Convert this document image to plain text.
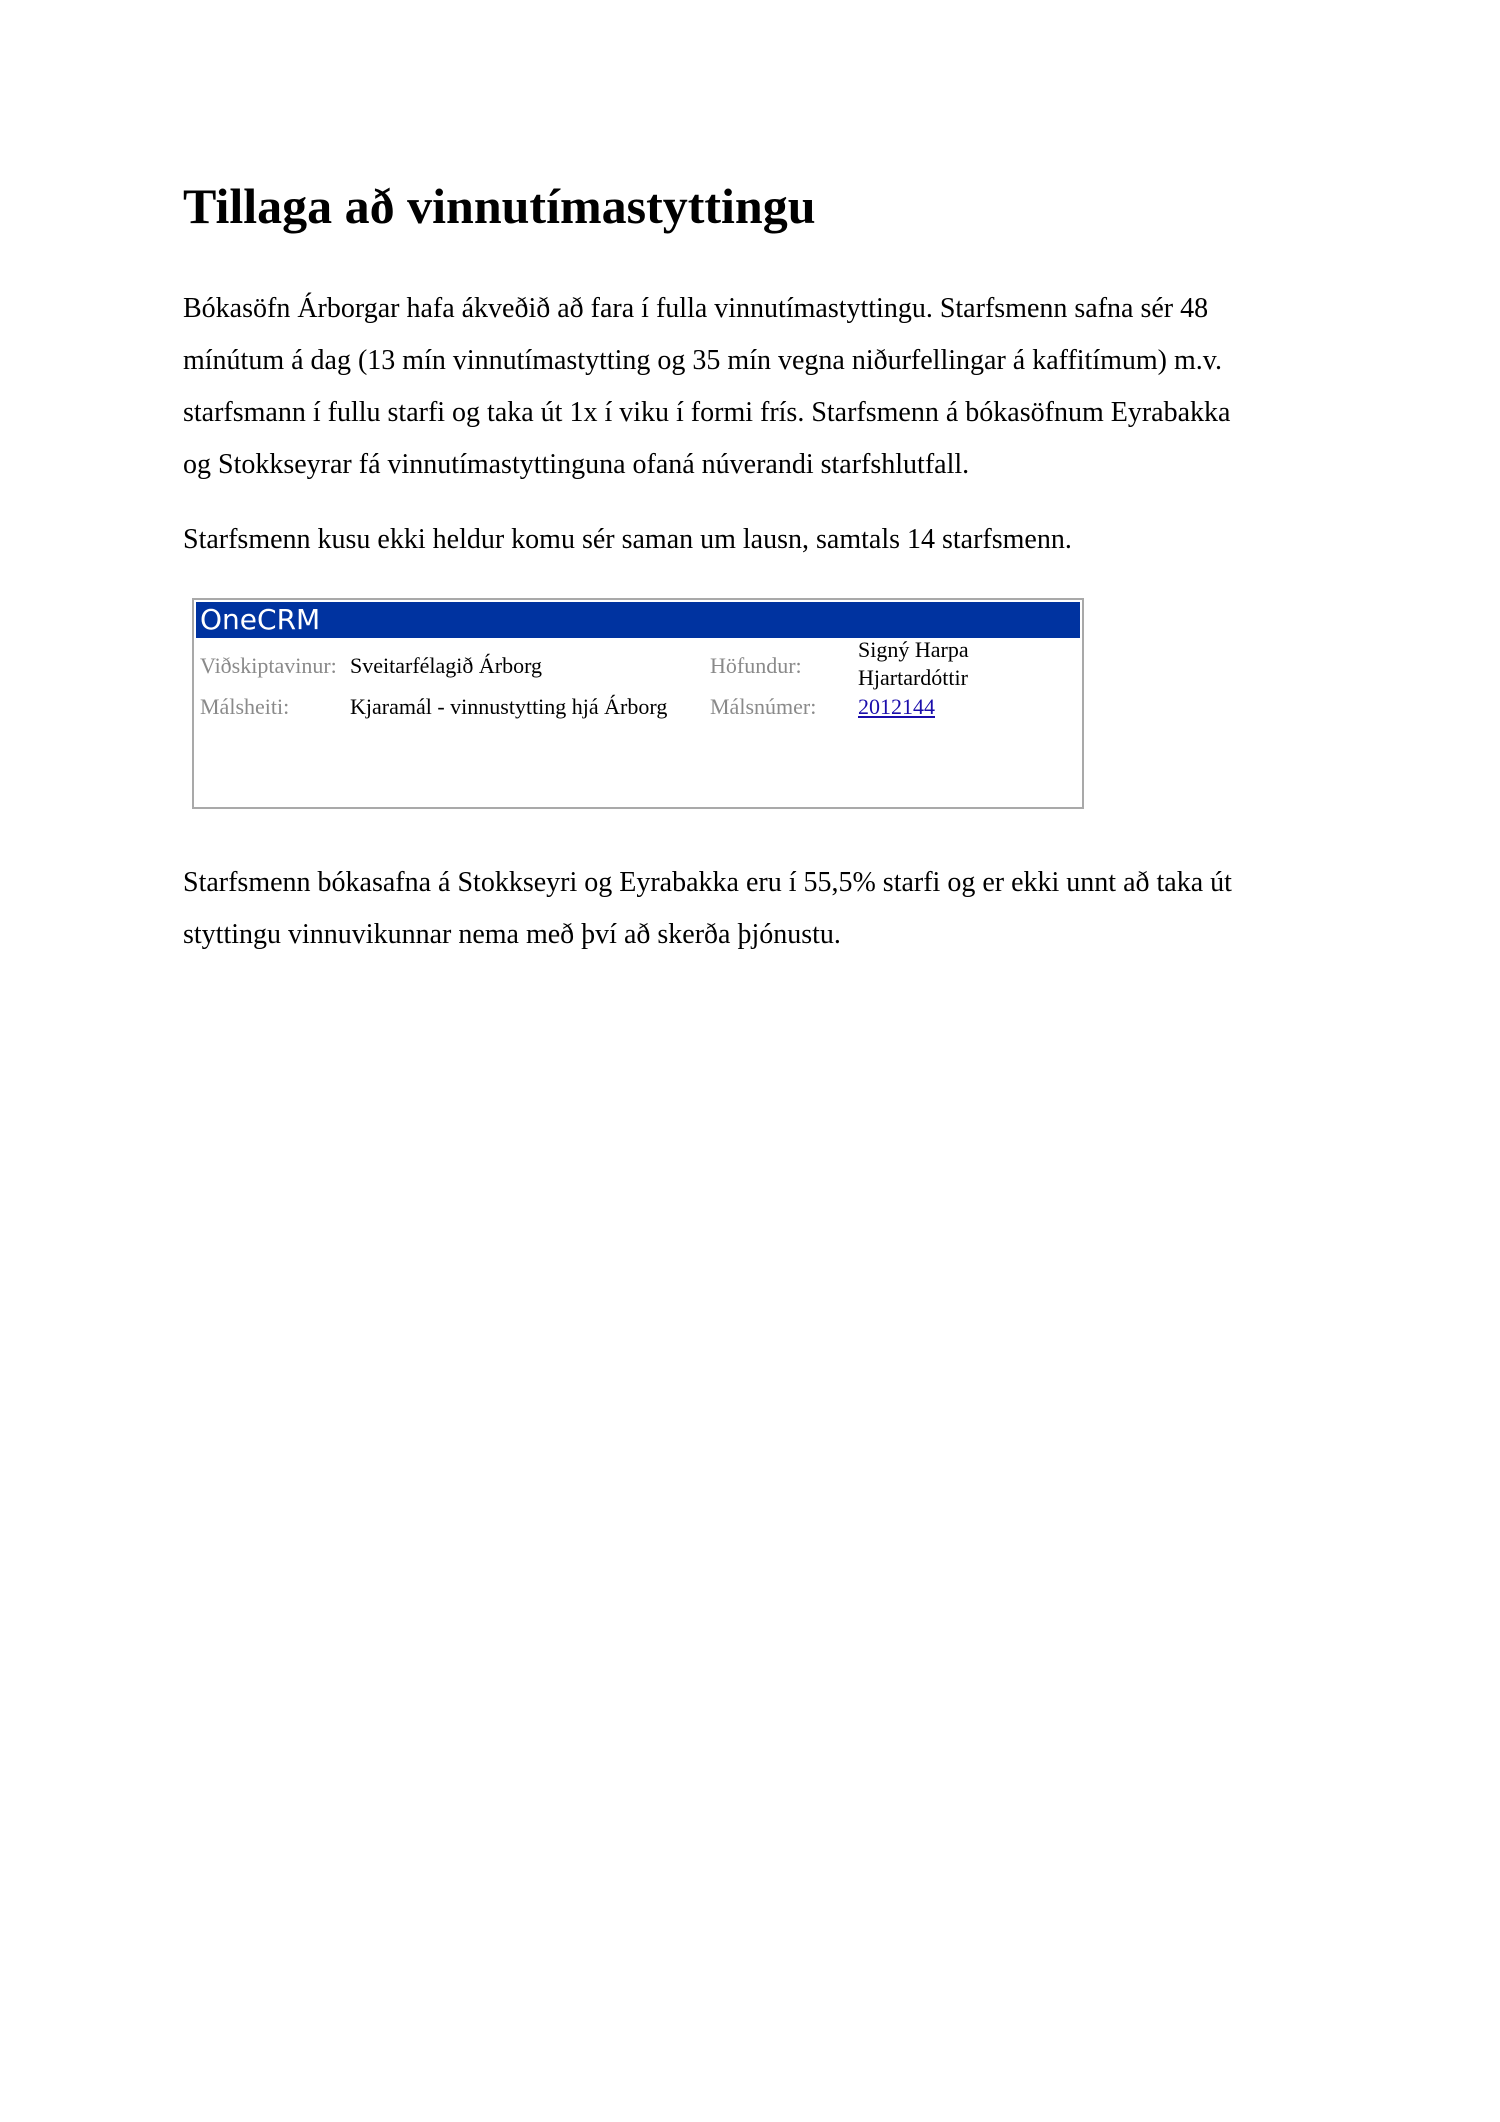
Tillaga að vinnutímastyttingu

Bókasöfn Árborgar hafa ákveðið að fara í fulla vinnutímastyttingu. Starfsmenn safna sér 48
mínútum á dag (13 mín vinnutímastytting og 35 mín vegna niðurfellingar á kaffitímum) m.v.
starfsmann í fullu starfi og taka út 1x í viku í formi frís. Starfsmenn á bókasöfnum Eyrabakka
og Stokkseyrar fá vinnutímastyttinguna ofaná núverandi starfshlutfall.

Starfsmenn kusu ekki heldur komu sér saman um lausn, samtals 14 starfsmenn.

OneCRM
Viðskiptavinur: Sveitarfélagið Árborg	Höfundur:
Signý Harpa
Hjartardóttir
Málsheiti:	Kjaramál - vinnustytting hjá Árborg Málsnúmer: 2012144

Starfsmenn bókasafna á Stokkseyri og Eyrabakka eru í 55,5% starfi og er ekki unnt að taka út
styttingu vinnuvikunnar nema með því að skerða þjónustu.
